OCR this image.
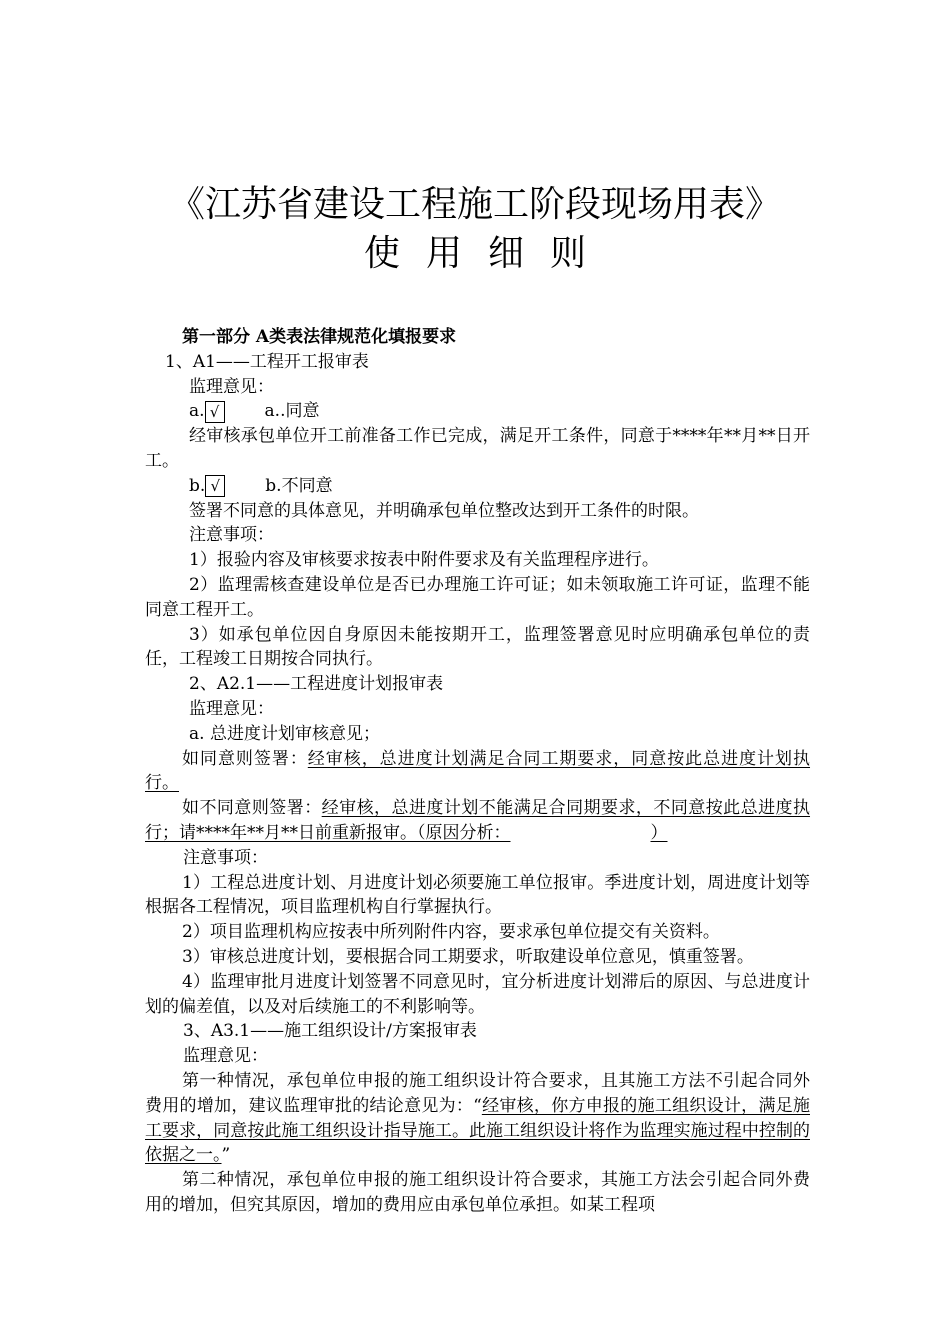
《江苏省建设工程施工阶段现场用表》
使用细则

第一部分 A类表法律规范化填报要求

1、A1——工程开工报审表

监理意见：

a. √	a..同意

经审核承包单位开工前准备工作已完成，满足开工条件，同意于****年**月**日开工。

b. √	b.不同意

签署不同意的具体意见，并明确承包单位整改达到开工条件的时限。

注意事项：

1）报验内容及审核要求按表中附件要求及有关监理程序进行。

2）监理需核查建设单位是否已办理施工许可证；如未领取施工许可证，监理不能同意工程开工。

3）如承包单位因自身原因未能按期开工，监理签署意见时应明确承包单位的责任，工程竣工日期按合同执行。

2、A2.1——工程进度计划报审表

监理意见：

a. 总进度计划审核意见；

如同意则签署：经审核，总进度计划满足合同工期要求，同意按此总进度计划执行。

如不同意则签署：经审核，总进度计划不能满足合同期要求，不同意按此总进度执行；请****年**月**日前重新报审。（原因分析：	）

注意事项：

1）工程总进度计划、月进度计划必须要施工单位报审。季进度计划，周进度计划等根据各工程情况，项目监理机构自行掌握执行。

2）项目监理机构应按表中所列附件内容，要求承包单位提交有关资料。

3）审核总进度计划，要根据合同工期要求，听取建设单位意见，慎重签署。

4）监理审批月进度计划签署不同意见时，宜分析进度计划滞后的原因、与总进度计划的偏差值，以及对后续施工的不利影响等。

3、A3.1——施工组织设计/方案报审表

监理意见：

第一种情况，承包单位申报的施工组织设计符合要求，且其施工方法不引起合同外费用的增加，建议监理审批的结论意见为：“经审核，你方申报的施工组织设计，满足施工要求，同意按此施工组织设计指导施工。此施工组织设计将作为监理实施过程中控制的依据之一。”

第二种情况，承包单位申报的施工组织设计符合要求，其施工方法会引起合同外费用的增加，但究其原因，增加的费用应由承包单位承担。如某工程项
